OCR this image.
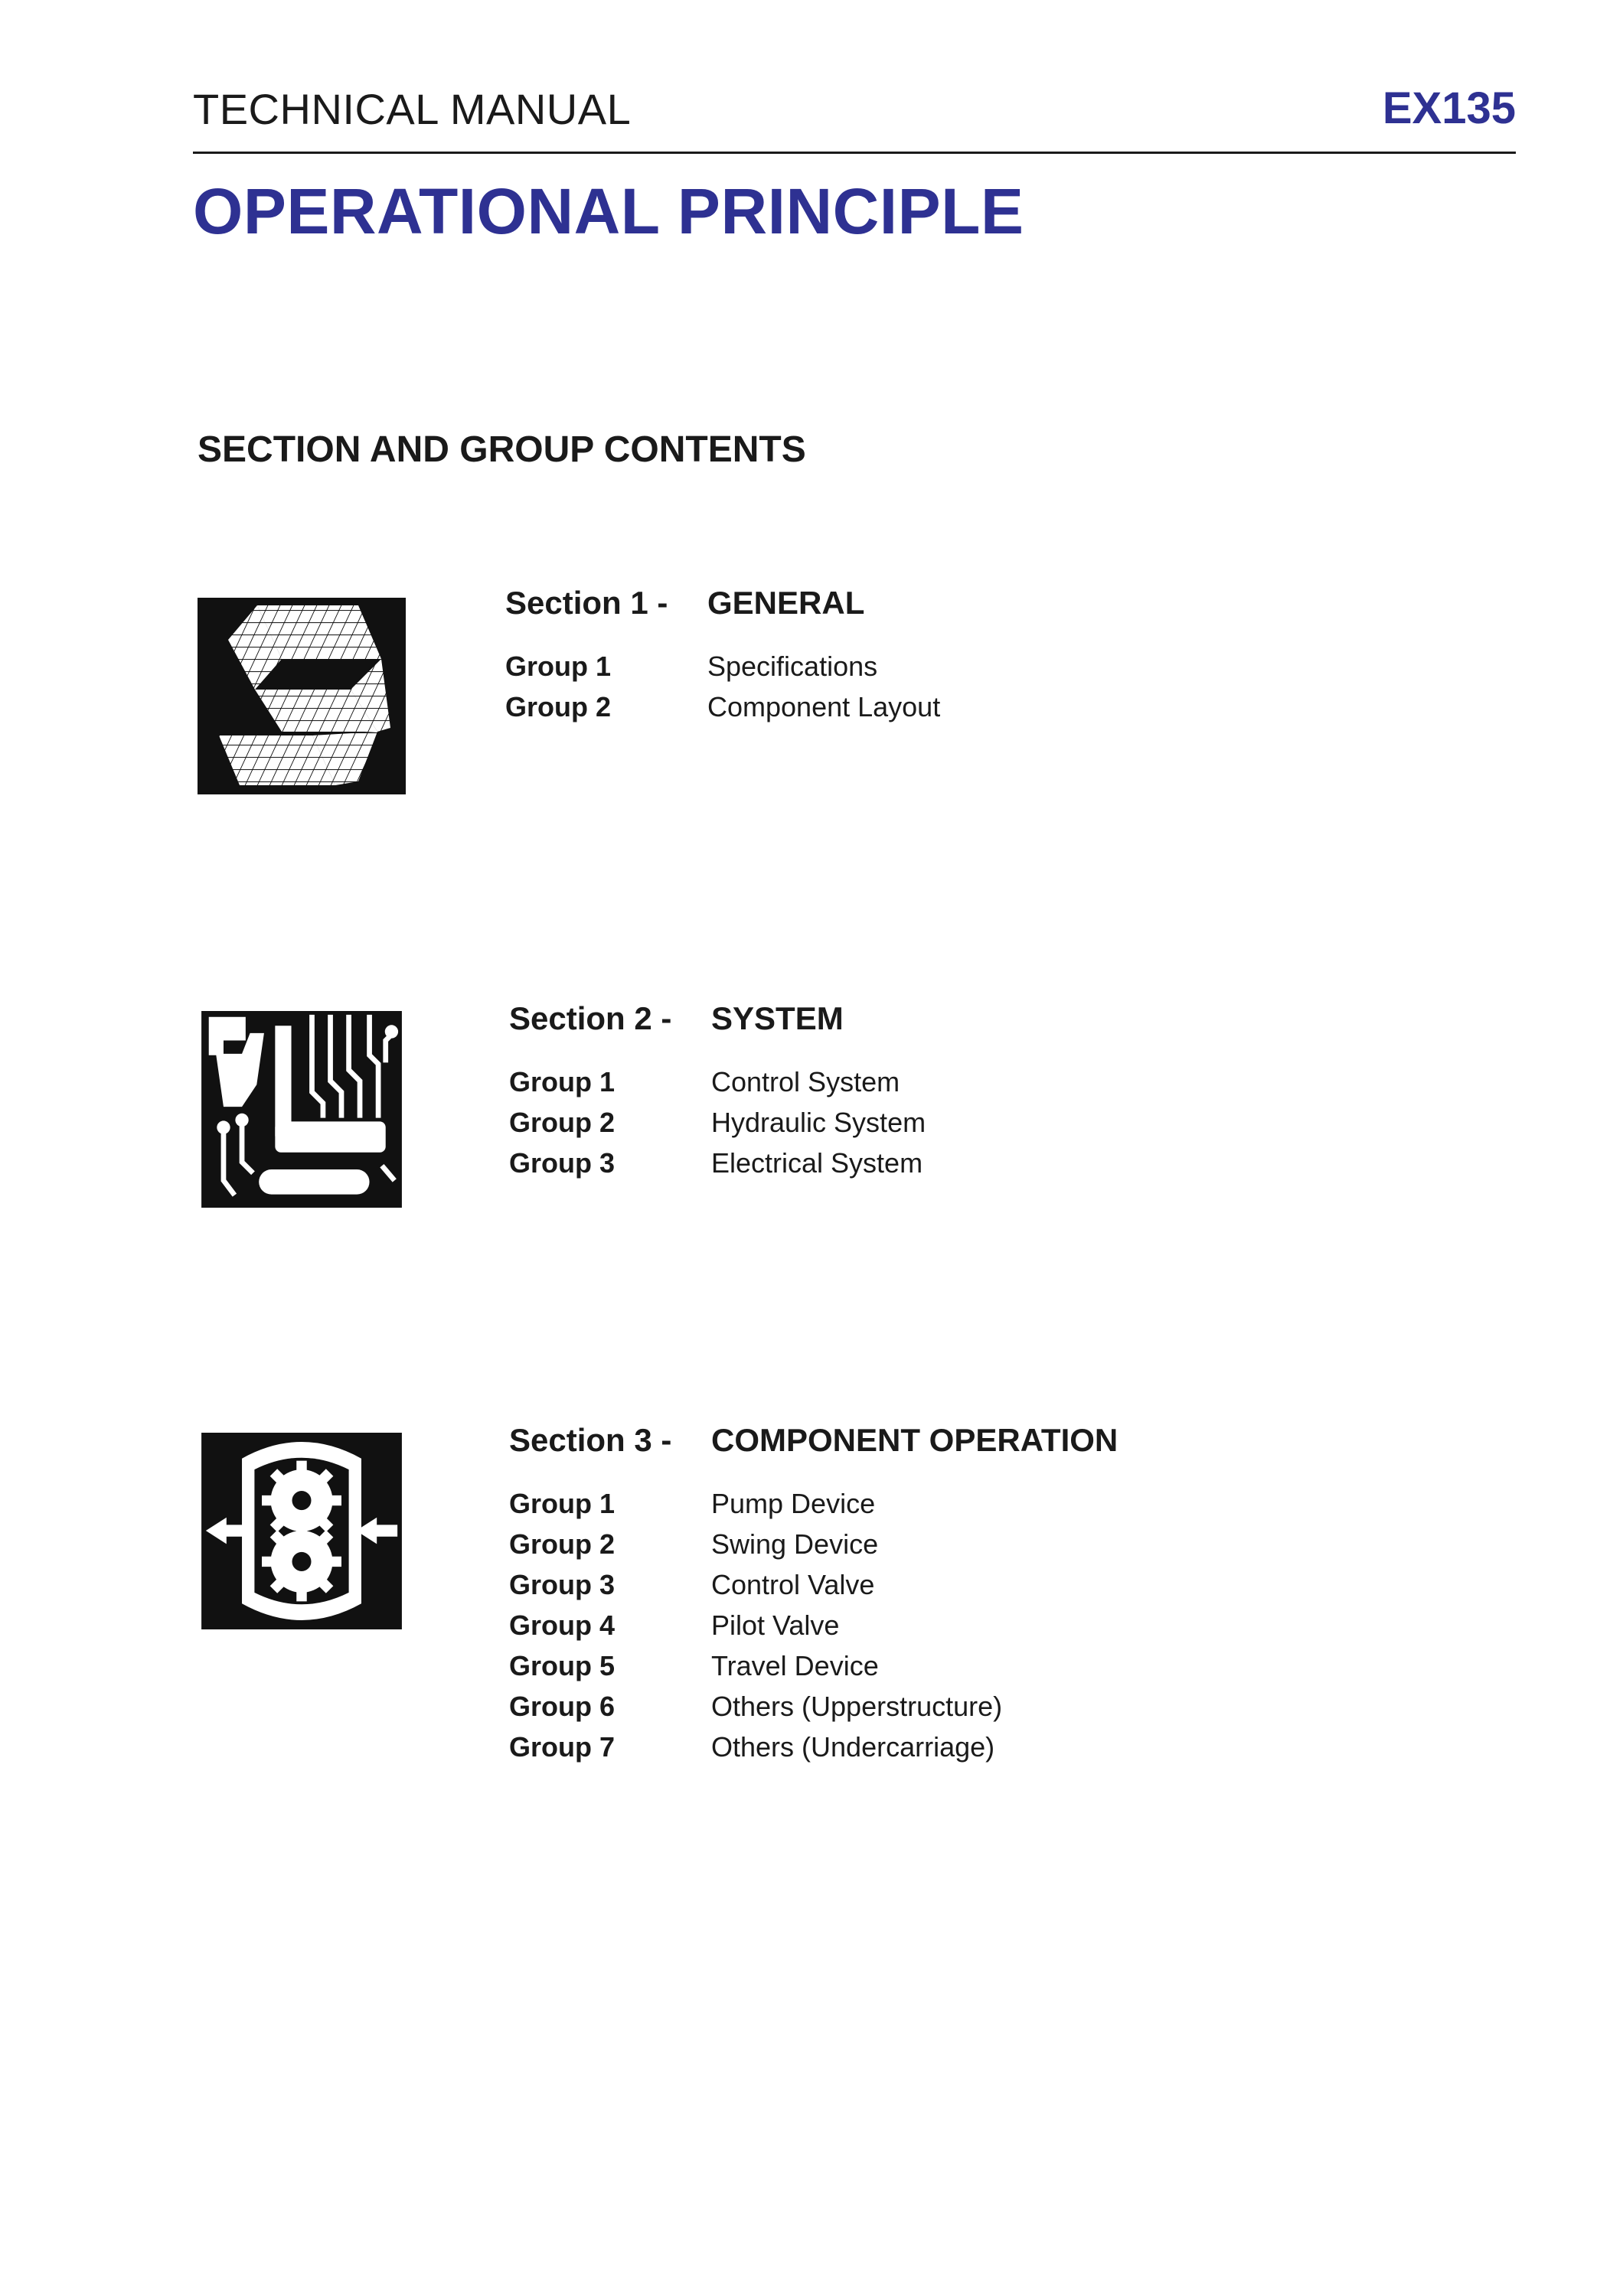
TECHNICAL MANUAL	EX135
OPERATIONAL PRINCIPLE
SECTION AND GROUP CONTENTS
Section 1 -	GENERAL
Group 1	Specifications
Group 2	Component Layout
Section 2 -	SYSTEM
Group 1	Control System
Group 2	Hydraulic System
Group 3	Electrical System
Section 3 -	COMPONENT OPERATION
Group 1	Pump Device
Group 2	Swing Device
Group 3	Control Valve
Group 4	Pilot Valve
Group 5	Travel Device
Group 6	Others (Upperstructure)
Group 7	Others (Undercarriage)
